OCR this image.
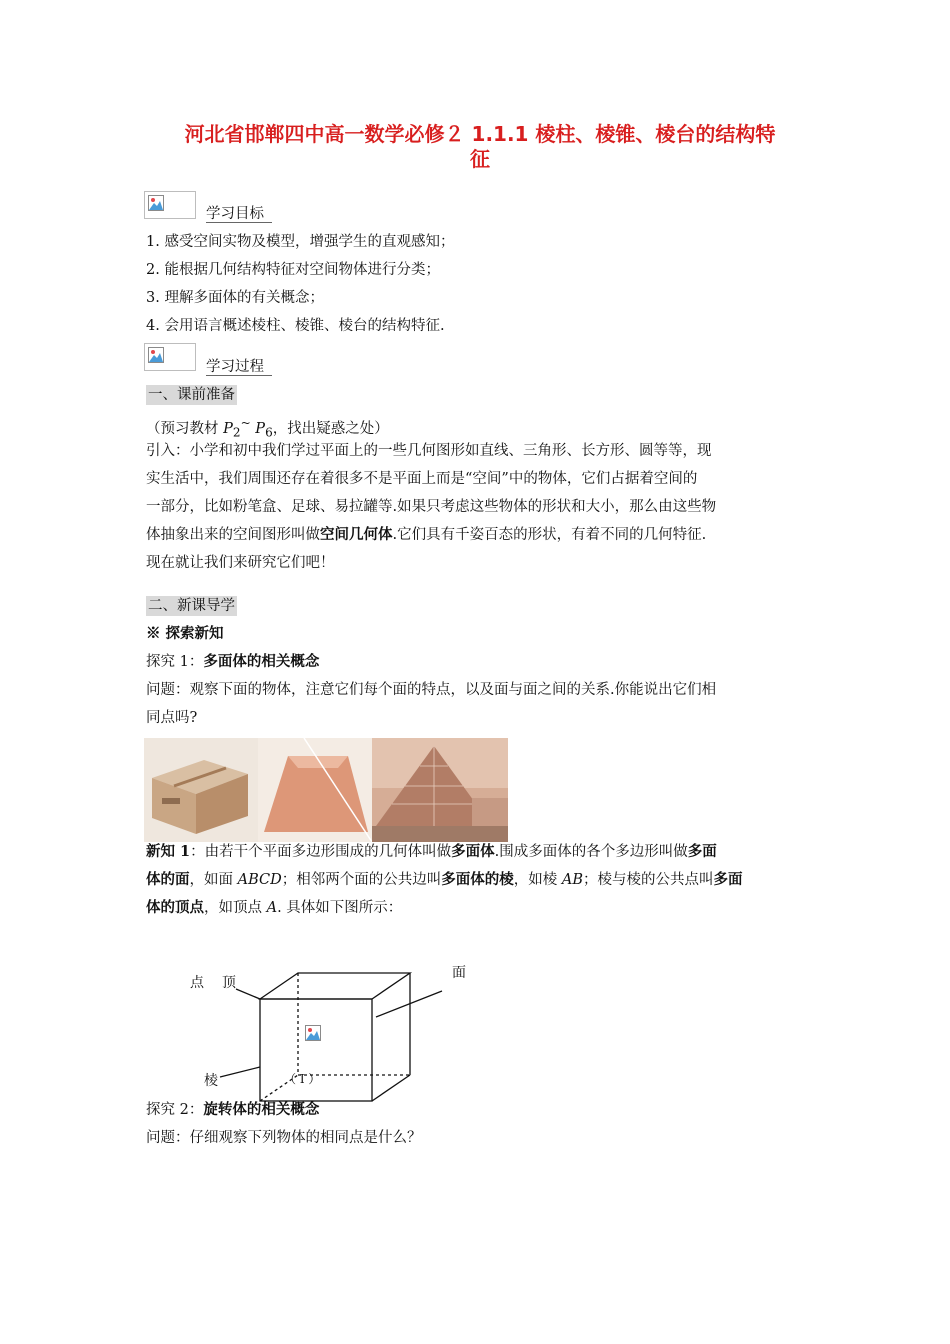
河北省邯郸四中高一数学必修２ 1.1.1 棱柱、棱锥、棱台的结构特
征
学习目标
1. 感受空间实物及模型，增强学生的直观感知；
2. 能根据几何结构特征对空间物体进行分类；
3. 理解多面体的有关概念；
4. 会用语言概述棱柱、棱锥、棱台的结构特征.
学习过程
一、课前准备
（预习教材 $P_2^\sim$ $P_6$，找出疑惑之处）
引入：小学和初中我们学过平面上的一些几何图形如直线、三角形、长方形、圆等等，现
实生活中，我们周围还存在着很多不是平面上而是“空间”中的物体，它们占据着空间的
一部分，比如粉笔盒、足球、易拉罐等.如果只考虑这些物体的形状和大小，那么由这些物
体抽象出来的空间图形叫做空间几何体.它们具有千姿百态的形状，有着不同的几何特征.
现在就让我们来研究它们吧！
二、新课导学
※ 探索新知
探究 1：多面体的相关概念
问题：观察下面的物体，注意它们每个面的特点，以及面与面之间的关系.你能说出它们相
同点吗?
新知 1：由若干个平面多边形围成的几何体叫做多面体.围成多面体的各个多边形叫做多面
体的面，如面 ABCD；相邻两个面的公共边叫多面体的棱，如棱 AB；棱与棱的公共点叫多面
体的顶点，如顶点 A. 具体如下图所示：
点 顶
面
棱	（ I ）
探究 2：旋转体的相关概念
问题：仔细观察下列物体的相同点是什么？
